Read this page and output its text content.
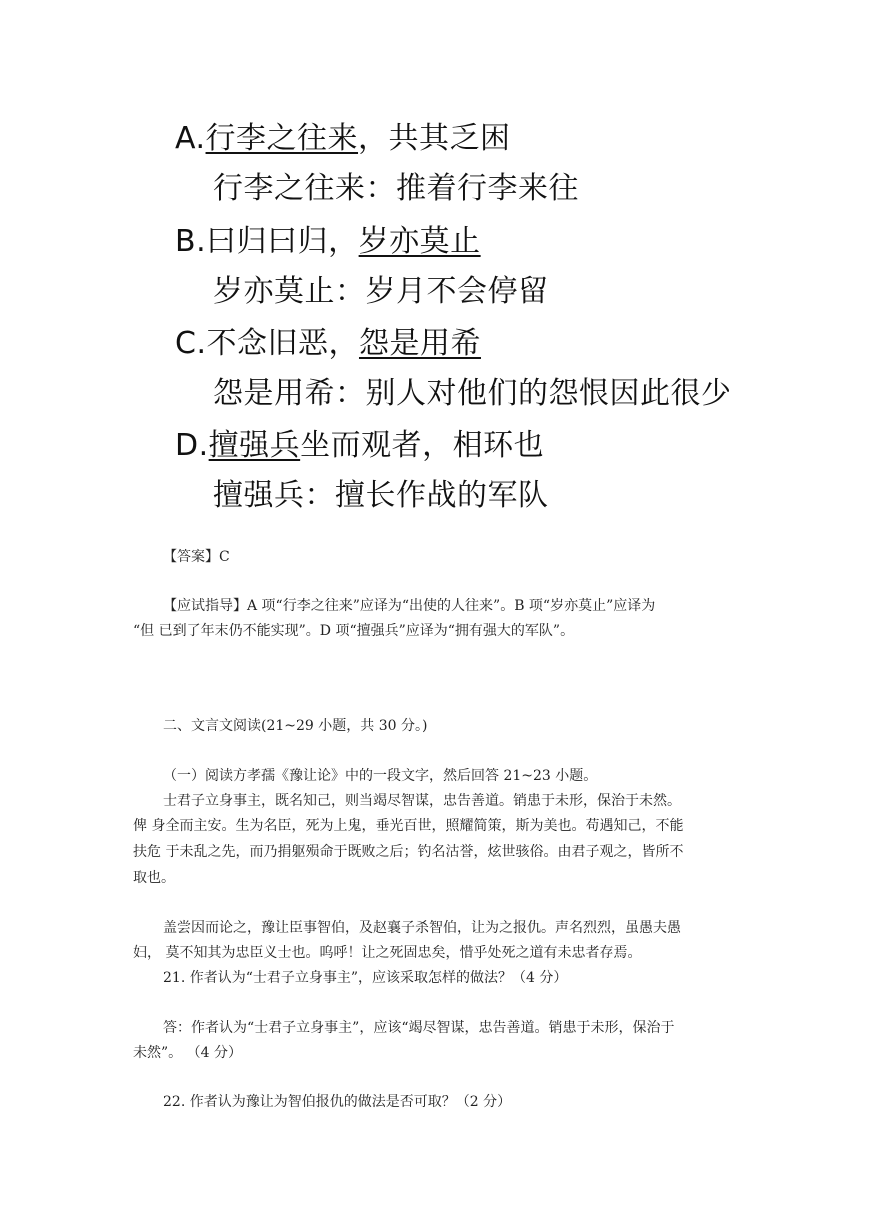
A.行李之往来，共其乏困
行李之往来：推着行李来往
B.曰归曰归，岁亦莫止
岁亦莫止：岁月不会停留
C.不念旧恶，怨是用希
怨是用希：别人对他们的怨恨因此很少
D.擅强兵坐而观者，相环也
擅强兵：擅长作战的军队
【答案】C
【应试指导】A 项“行李之往来”应译为“出使的人往来”。B 项“岁亦莫止”应译为
“但 已到了年末仍不能实现”。D 项“擅强兵”应译为“拥有强大的军队”。
二、文言文阅读(21~29 小题，共 30 分。)
（一）阅读方孝孺《豫让论》中的一段文字，然后回答 21~23 小题。
士君子立身事主，既名知己，则当竭尽智谋，忠告善道。销患于未形，保治于未然。
俾 身全而主安。生为名臣，死为上鬼，垂光百世，照耀简策，斯为美也。苟遇知己，不能
扶危 于未乱之先，而乃捐躯殒命于既败之后；钓名沽誉，炫世骇俗。由君子观之，皆所不
取也。
盖尝因而论之，豫让臣事智伯，及赵襄子杀智伯，让为之报仇。声名烈烈，虽愚夫愚
妇， 莫不知其为忠臣义士也。呜呼！让之死固忠矣，惜乎处死之道有未忠者存焉。
21. 作者认为“士君子立身事主”，应该采取怎样的做法？（4 分）
答：作者认为“士君子立身事主”，应该“竭尽智谋，忠告善道。销患于未形，保治于
未然”。 （4 分）
22. 作者认为豫让为智伯报仇的做法是否可取？（2 分）
